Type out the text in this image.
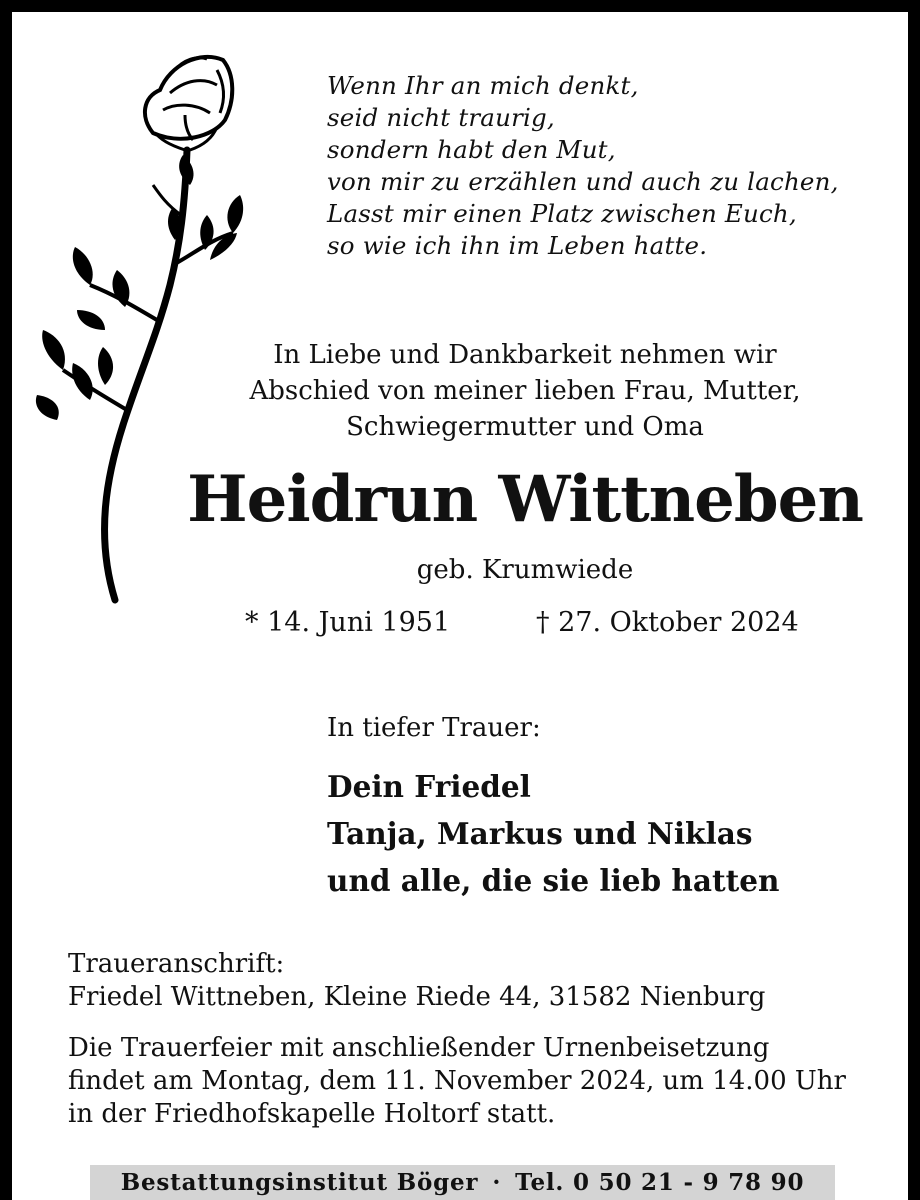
Wenn Ihr an mich denkt,
seid nicht traurig,
sondern habt den Mut,
von mir zu erzählen und auch zu lachen,
Lasst mir einen Platz zwischen Euch,
so wie ich ihn im Leben hatte.
In Liebe und Dankbarkeit nehmen wir
Abschied von meiner lieben Frau, Mutter,
Schwiegermutter und Oma
Heidrun Wittneben
geb. Krumwiede
* 14. Juni 1951	† 27. Oktober 2024
In tiefer Trauer:
Dein Friedel
Tanja, Markus und Niklas
und alle, die sie lieb hatten
Traueranschrift:
Friedel Wittneben, Kleine Riede 44, 31582 Nienburg
Die Trauerfeier mit anschließender Urnenbeisetzung
findet am Montag, dem 11. November 2024, um 14.00 Uhr
in der Friedhofskapelle Holtorf statt.
Bestattungsinstitut Böger · Tel. 0 50 21 - 9 78 90
